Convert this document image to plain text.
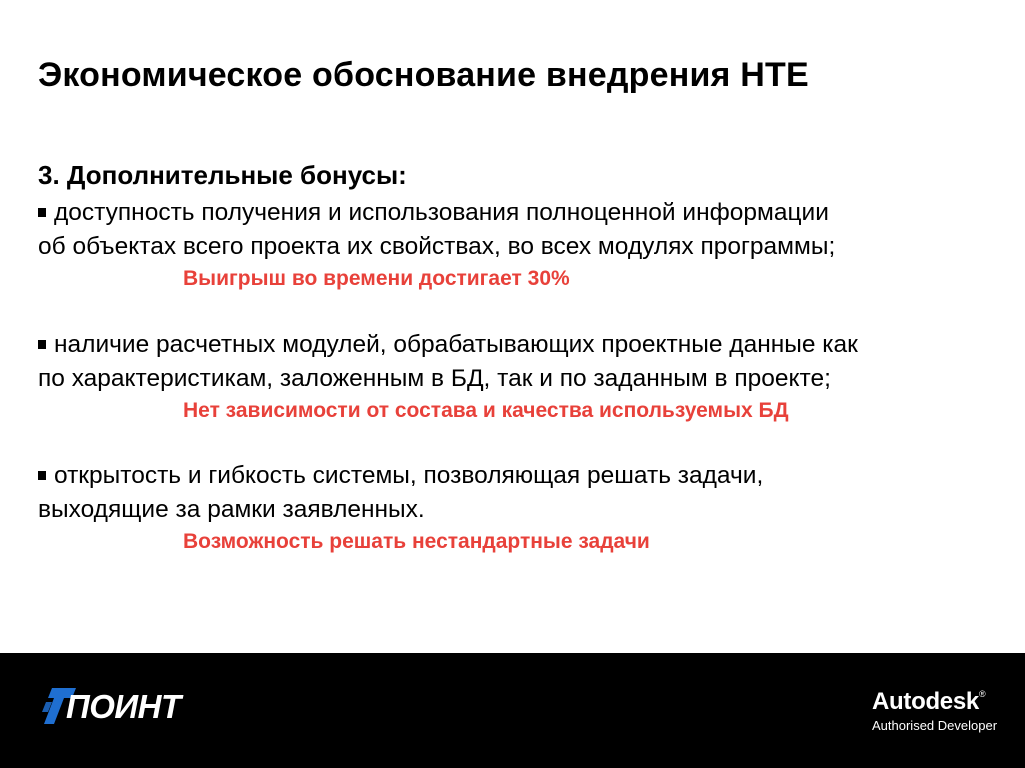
Экономическое обоснование внедрения НТЕ
3. Дополнительные бонусы:
доступность получения и использования полноценной информации
об объектах всего проекта их свойствах, во всех модулях программы;
Выигрыш во времени достигает 30%
наличие расчетных модулей, обрабатывающих проектные данные как
по характеристикам, заложенным в БД, так и по заданным в проекте;
Нет зависимости от состава и качества используемых БД
открытость и гибкость системы, позволяющая решать задачи,
выходящие за рамки заявленных.
Возможность решать нестандартные задачи
ПОИНТ	Autodesk®
Authorised Developer
